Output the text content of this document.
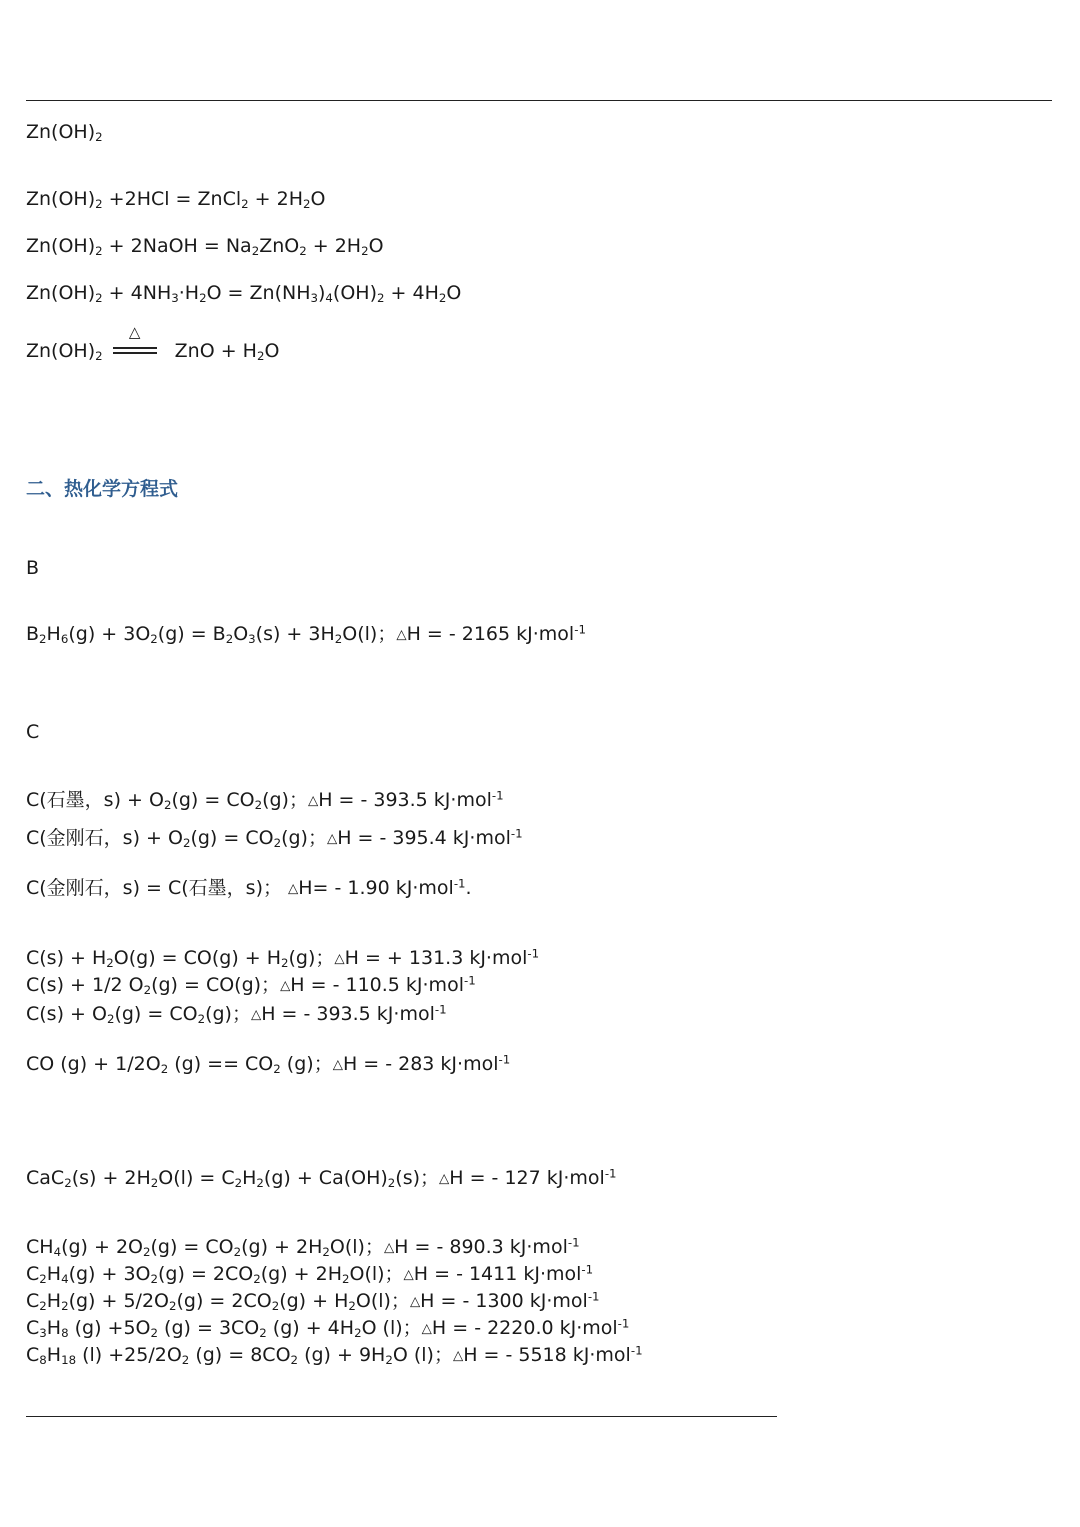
$Zn(OH)_2$
$Zn(OH)_2 +2HCl$ = ZnCl$_2$ + $2H_2O$
$Zn(OH)_2$ + 2NaOH = $Na_2ZnO_2 + 2H_2O$
$Zn(OH)_2 + 4NH_3\cdot H_2O = Zn(NH_3)_4(OH)_2 + 4H_2O$
$Zn(OH)_2$
△
ZnO + $H_2O$
二、热化学方程式
B
$B_2H_6(g) + 3O_2(g) = B_2O_3(s) + 3H_2O(l)$；△H = - 2165 kJ·mol$^{-1}$
C
C(石墨，$s) + O_2(g) = CO_2(g)$；△H = - 393.5 kJ·mol$^{-1}$
C(金刚石，$s) + O_2(g) = CO_2(g)$；△H = - 395.4 kJ·mol$^{-1}$
C(金刚石，s) = C(石墨，s)； △H= - 1.90 kJ·mol$^{-1}$.
$C(s) + H_2O(g) = CO(g) + H_2(g)$；△H = + 131.3 kJ·mol$^{-1}$
C(s) + 1/2 $O_2(g) = CO(g)$；△H = - 110.5 kJ·mol$^{-1}$
$C(s) + O_2(g) = CO_2(g)$；△H = - 393.5 kJ·mol$^{-1}$
CO $(g) + 1/2O_2$ $(g) == CO_2$ (g)；△H = - 283 kJ·mol$^{-1}$
$CaC_2(s) + 2H_2O(l) = C_2H_2(g) + Ca(OH)_2(s)$；△H = - 127 kJ·mol$^{-1}$
$CH_4(g) + 2O_2(g) = CO_2(g) + 2H_2O(l)$；△H = - 890.3 kJ·mol$^{-1}$
$C_2H_4(g) + 3O_2(g) = 2CO_2(g) + 2H_2O(l)$；△H = - 1411 kJ·mol$^{-1}$
$C_2H_2(g) + 5/2O_2(g) = 2CO_2(g) + H_2O(l)$；△H = - 1300 kJ·mol$^{-1}$
$C_3H_8$ $(g) +5O_2$ $(g) = 3CO_2$ $(g) + 4H_2O$ (l)；△H = - 2220.0 kJ·mol$^{-1}$
$C_8H_{18}$ $(l) +25/2O_2$ $(g) = 8CO_2$ $(g) + 9H_2O$ (l)；△H = - 5518 kJ·mol$^{-1}$
